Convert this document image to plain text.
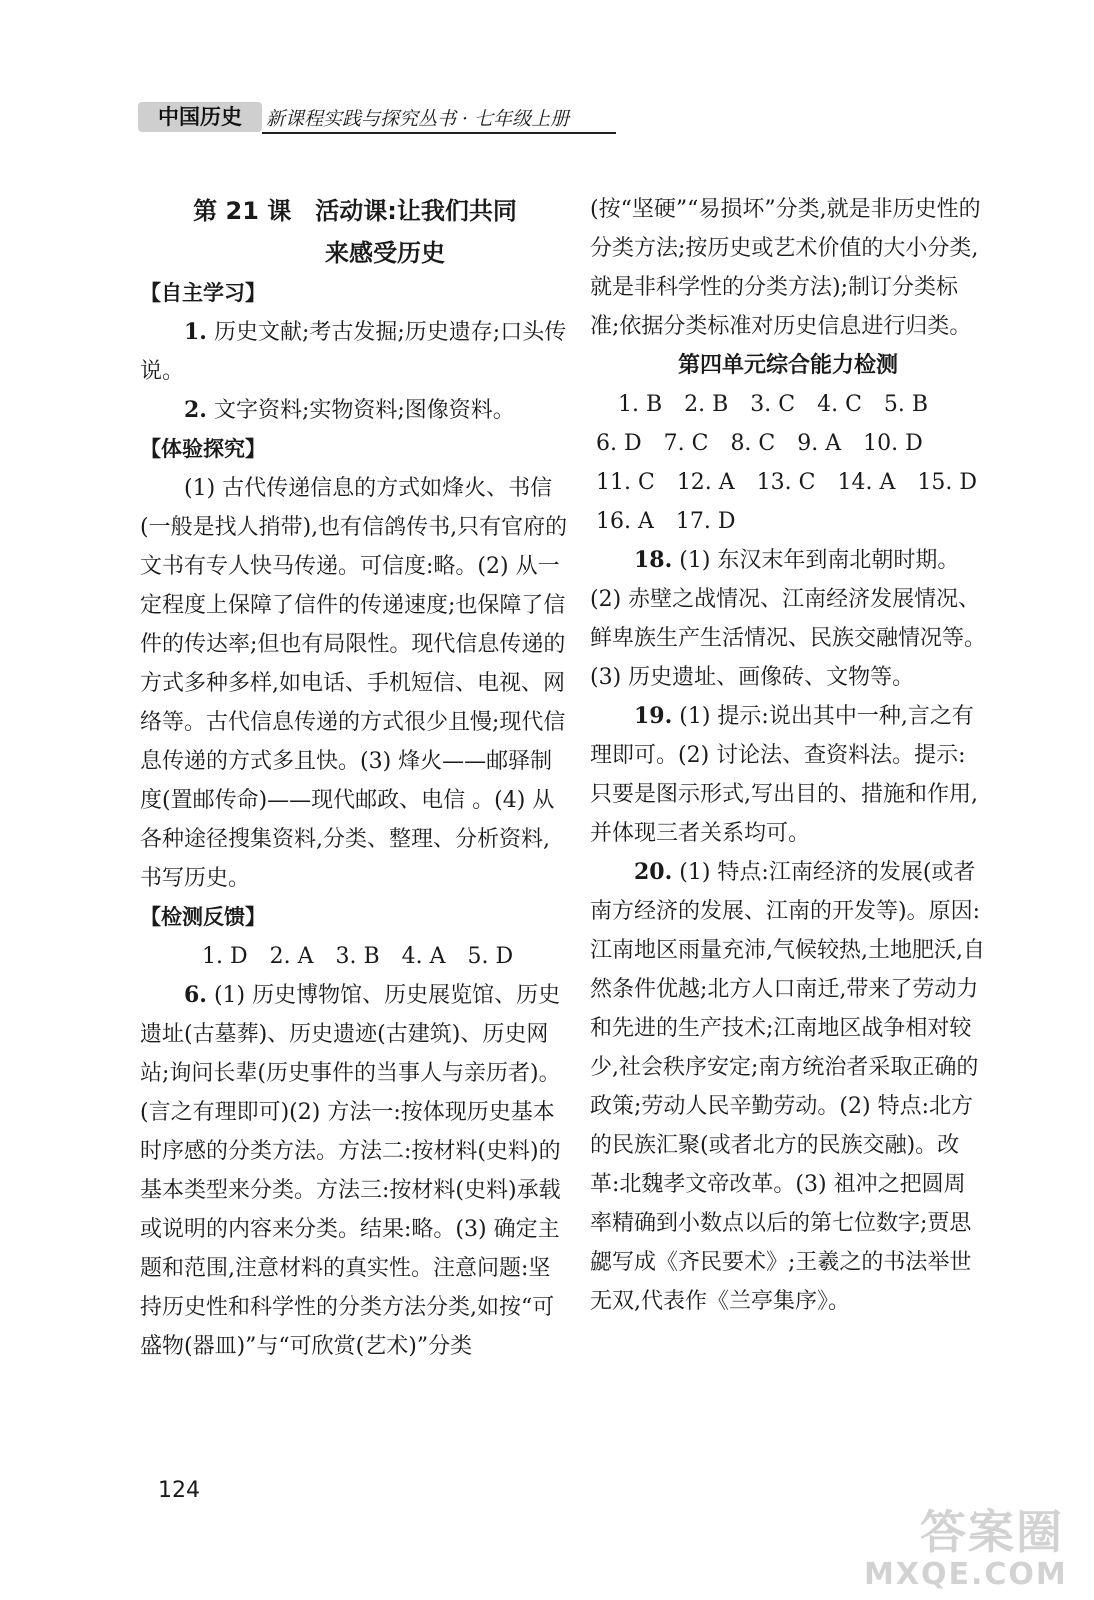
中国历史	新课程实践与探究丛书 · 七年级上册

第 21 课　活动课:让我们共同

来感受历史

【自主学习】

1. 历史文献;考古发掘;历史遗存;口头传说。

2. 文字资料;实物资料;图像资料。

【体验探究】

(1) 古代传递信息的方式如烽火、书信(一般是找人捎带),也有信鸽传书,只有官府的文书有专人快马传递。可信度:略。(2) 从一定程度上保障了信件的传递速度;也保障了信件的传达率;但也有局限性。现代信息传递的方式多种多样,如电话、手机短信、电视、网络等。古代信息传递的方式很少且慢;现代信息传递的方式多且快。(3) 烽火——邮驿制度(置邮传命)——现代邮政、电信 。(4) 从各种途径搜集资料,分类、整理、分析资料,书写历史。

【检测反馈】

1. D　2. A　3. B　4. A　5. D

6. (1) 历史博物馆、历史展览馆、历史遗址(古墓葬)、历史遗迹(古建筑)、历史网站;询问长辈(历史事件的当事人与亲历者)。(言之有理即可)(2) 方法一:按体现历史基本时序感的分类方法。方法二:按材料(史料)的基本类型来分类。方法三:按材料(史料)承载或说明的内容来分类。结果:略。(3) 确定主题和范围,注意材料的真实性。注意问题:坚持历史性和科学性的分类方法分类,如按“可盛物(器皿)”与“可欣赏(艺术)”分类

(按“坚硬”“易损坏”分类,就是非历史性的分类方法;按历史或艺术价值的大小分类,就是非科学性的分类方法);制订分类标准;依据分类标准对历史信息进行归类。

第四单元综合能力检测

1. B　2. B　3. C　4. C　5. B

6. D　7. C　8. C　9. A　10. D

11. C　12. A　13. C　14. A　15. D

16. A　17. D

18. (1) 东汉末年到南北朝时期。(2) 赤壁之战情况、江南经济发展情况、鲜卑族生产生活情况、民族交融情况等。(3) 历史遗址、画像砖、文物等。

19. (1) 提示:说出其中一种,言之有理即可。(2) 讨论法、查资料法。提示:只要是图示形式,写出目的、措施和作用,并体现三者关系均可。

20. (1) 特点:江南经济的发展(或者南方经济的发展、江南的开发等)。原因:江南地区雨量充沛,气候较热,土地肥沃,自然条件优越;北方人口南迁,带来了劳动力和先进的生产技术;江南地区战争相对较少,社会秩序安定;南方统治者采取正确的政策;劳动人民辛勤劳动。(2) 特点:北方的民族汇聚(或者北方的民族交融)。改革:北魏孝文帝改革。(3) 祖冲之把圆周率精确到小数点以后的第七位数字;贾思勰写成《齐民要术》;王羲之的书法举世无双,代表作《兰亭集序》。

124
答案圈
MXQE.COM
